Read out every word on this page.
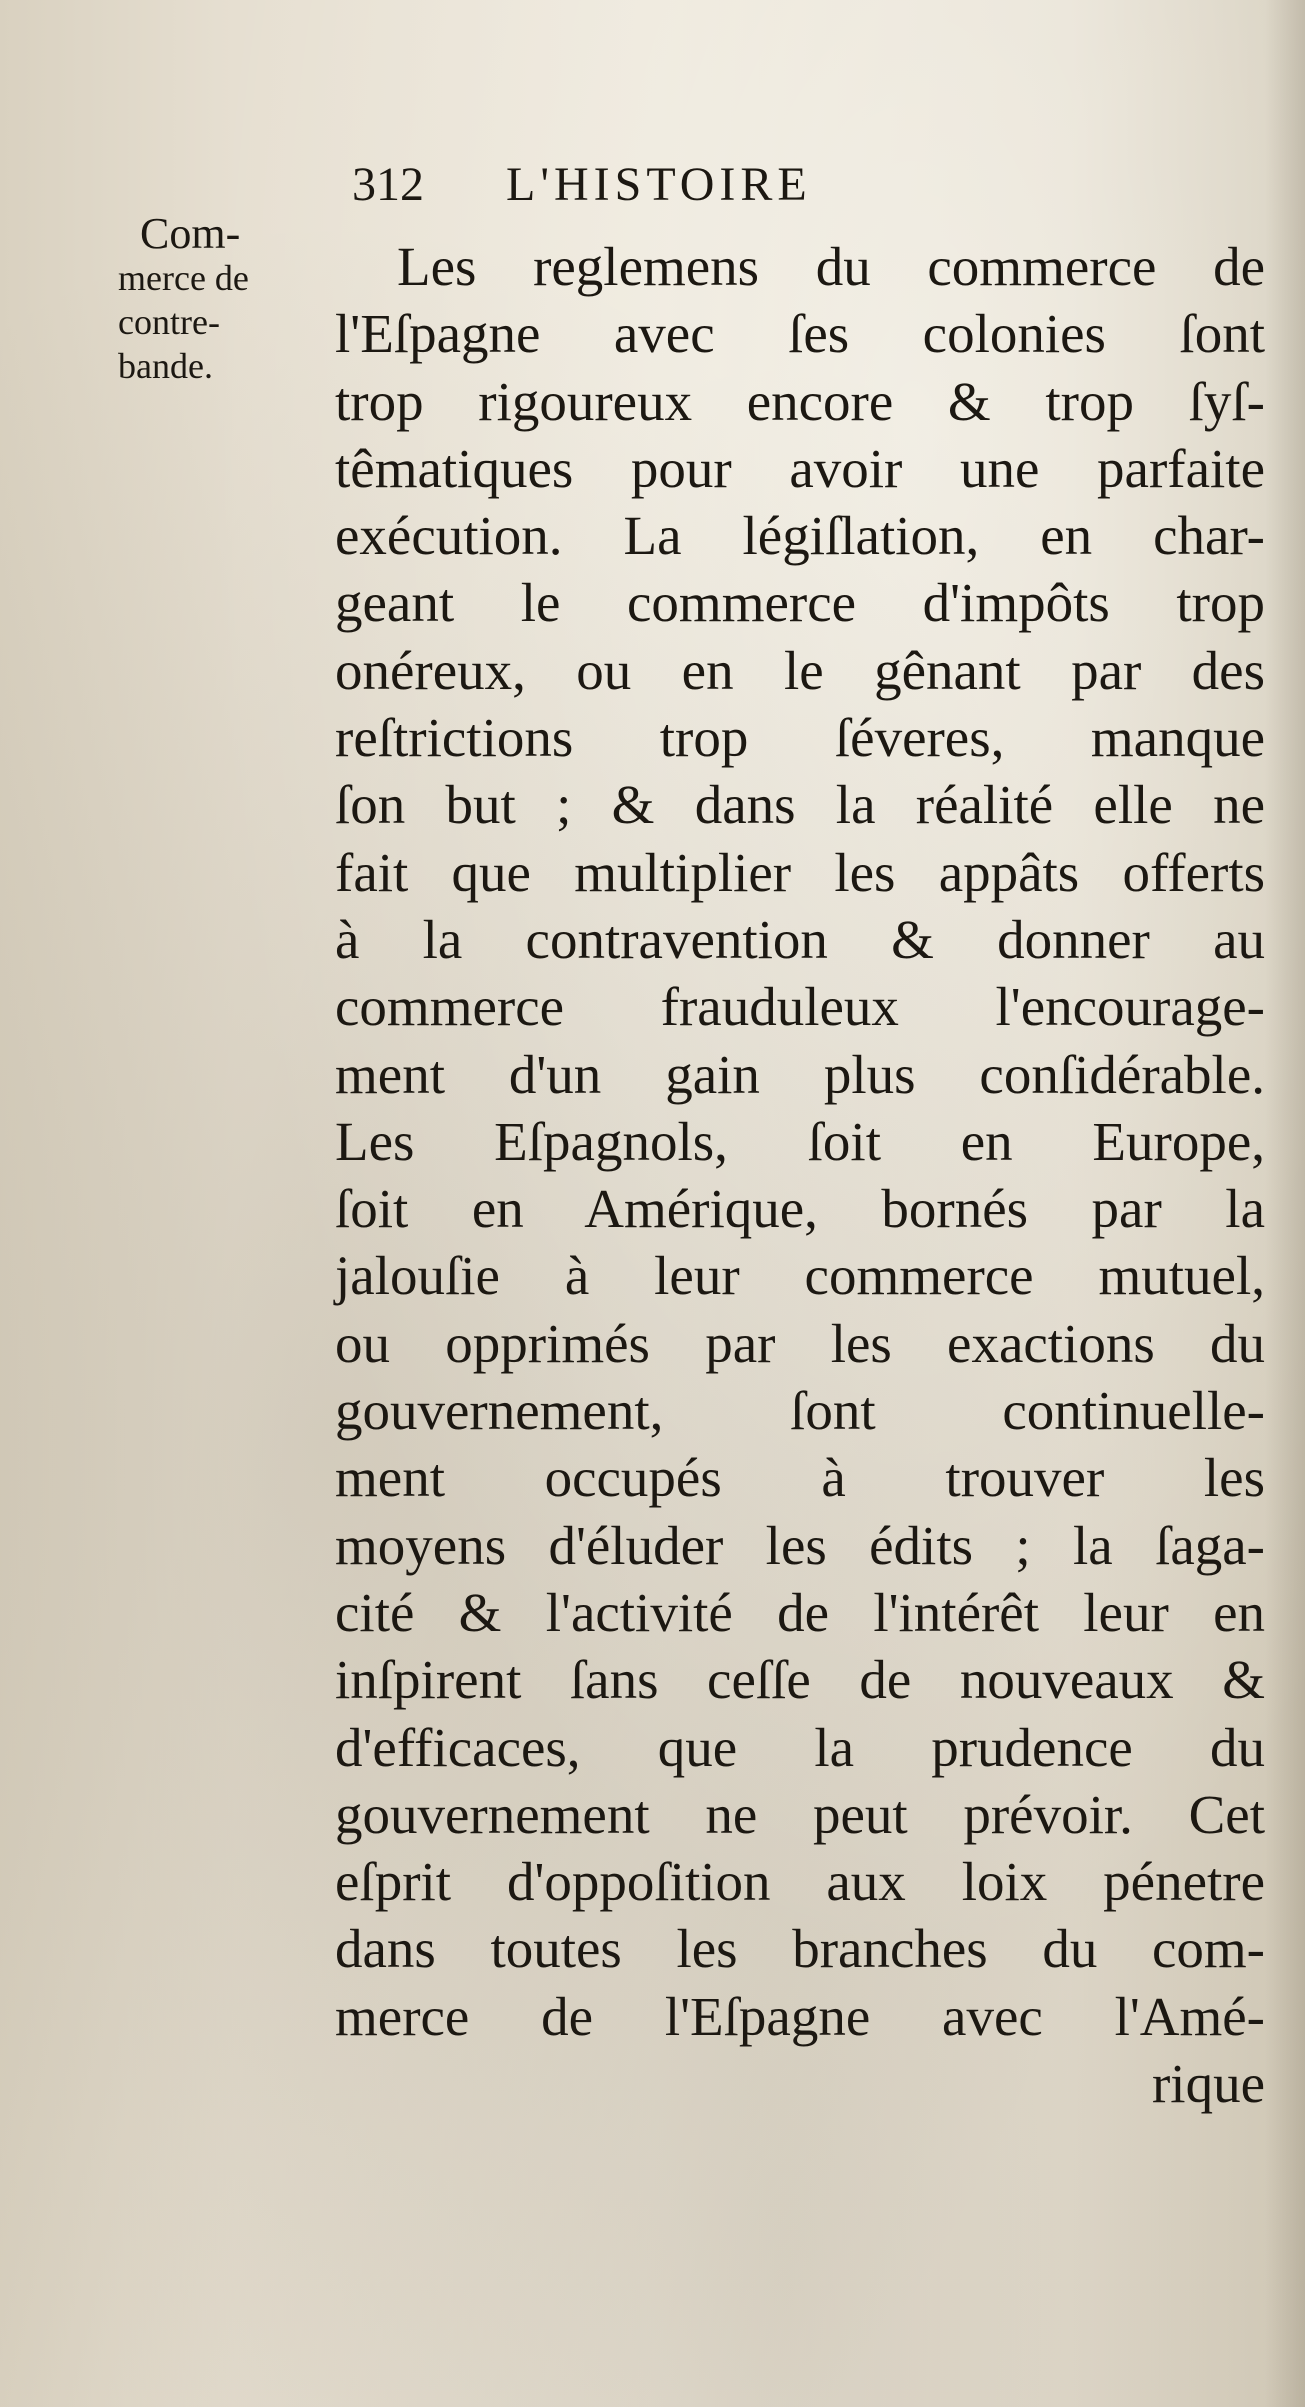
312 L'HISTOIRE
Com-
merce de
contre-
bande.
Les reglemens du commerce de
l'Eſpagne avec ſes colonies ſont
trop rigoureux encore & trop ſyſ-
têmatiques pour avoir une parfaite
exécution. La légiſlation, en char-
geant le commerce d'impôts trop
onéreux, ou en le gênant par des
reſtrictions trop ſéveres, manque
ſon but ; & dans la réalité elle ne
fait que multiplier les appâts offerts
à la contravention & donner au
commerce frauduleux l'encourage-
ment d'un gain plus conſidérable.
Les Eſpagnols, ſoit en Europe,
ſoit en Amérique, bornés par la
jalouſie à leur commerce mutuel,
ou opprimés par les exactions du
gouvernement, ſont continuelle-
ment occupés à trouver les
moyens d'éluder les édits ; la ſaga-
cité & l'activité de l'intérêt leur en
inſpirent ſans ceſſe de nouveaux &
d'efficaces, que la prudence du
gouvernement ne peut prévoir. Cet
eſprit d'oppoſition aux loix pénetre
dans toutes les branches du com-
merce de l'Eſpagne avec l'Amé-
rique
